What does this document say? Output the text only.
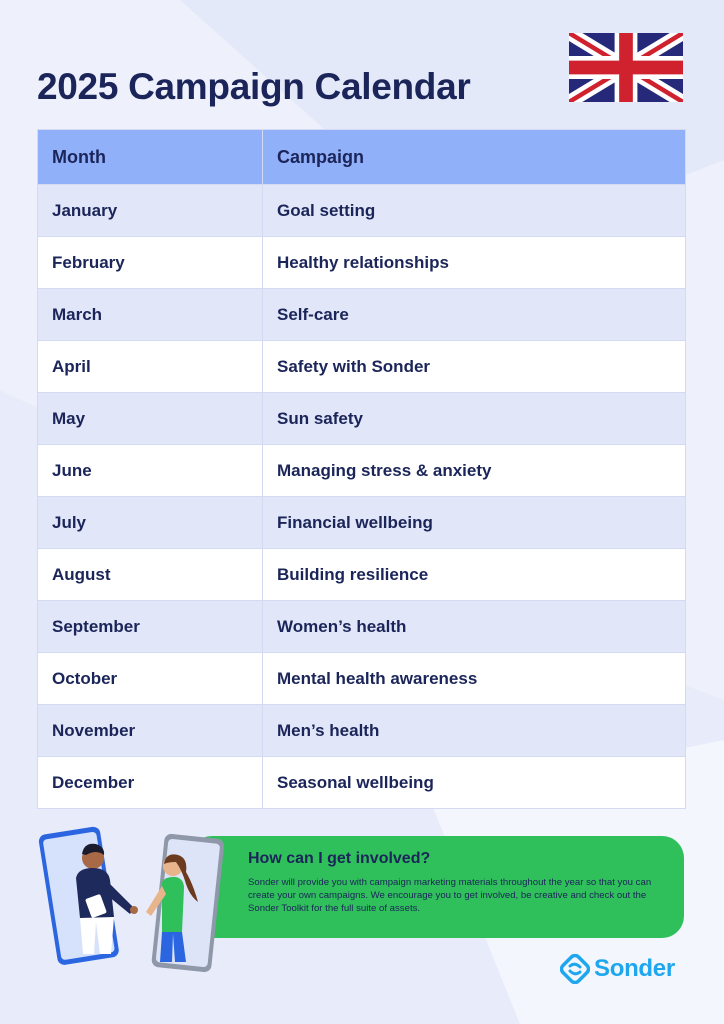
2025 Campaign Calendar
Month	Campaign
January	Goal setting
February	Healthy relationships
March	Self-care
April	Safety with Sonder
May	Sun safety
June	Managing stress & anxiety
July	Financial wellbeing
August	Building resilience
September	Women’s health
October	Mental health awareness
November	Men’s health
December	Seasonal wellbeing
How can I get involved?

Sonder will provide you with campaign marketing materials throughout the year so that you can create your own campaigns. We encourage you to get involved, be creative and check out the Sonder Toolkit for the full suite of assets.

Sonder
